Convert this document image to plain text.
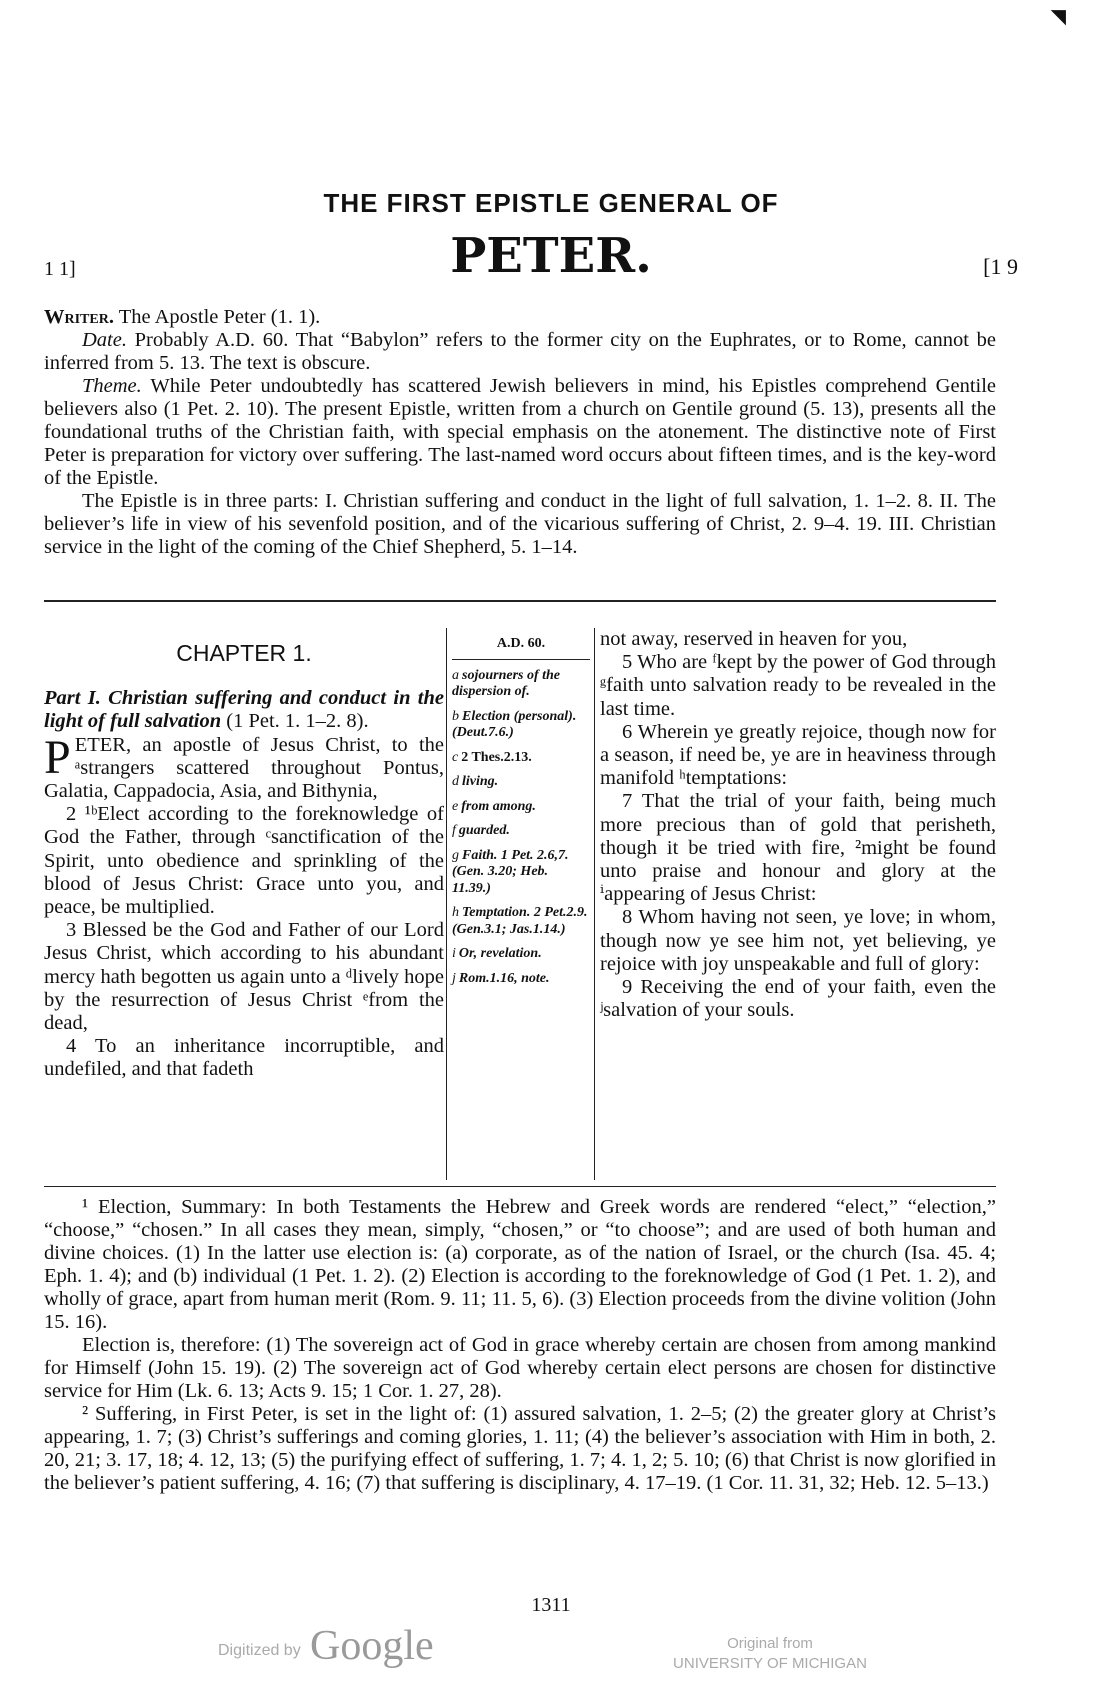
◥
THE FIRST EPISTLE GENERAL OF
1 1]	PETER.	[1 9

Writer. The Apostle Peter (1. 1).

Date. Probably A.D. 60. That “Babylon” refers to the former city on the Euphrates, or to Rome, cannot be inferred from 5. 13. The text is obscure.

Theme. While Peter undoubtedly has scattered Jewish believers in mind, his Epistles comprehend Gentile believers also (1 Pet. 2. 10). The present Epistle, written from a church on Gentile ground (5. 13), presents all the foundational truths of the Christian faith, with special emphasis on the atonement. The distinctive note of First Peter is preparation for victory over suffering. The last-named word occurs about fifteen times, and is the key-word of the Epistle.

The Epistle is in three parts: I. Christian suffering and conduct in the light of full salvation, 1. 1–2. 8. II. The believer’s life in view of his sevenfold position, and of the vicarious suffering of Christ, 2. 9–4. 19. III. Christian service in the light of the coming of the Chief Shepherd, 5. 1–14.

CHAPTER 1.

Part I. Christian suffering and conduct in the light of full salvation (1 Pet. 1. 1–2. 8).

PETER, an apostle of Jesus Christ, to the ᵃstrangers scattered throughout Pontus, Galatia, Cappadocia, Asia, and Bithynia,

2 ¹ᵇElect according to the foreknowledge of God the Father, through ᶜsanctification of the Spirit, unto obedience and sprinkling of the blood of Jesus Christ: Grace unto you, and peace, be multiplied.

3 Blessed be the God and Father of our Lord Jesus Christ, which according to his abundant mercy hath begotten us again unto a ᵈlively hope by the resurrection of Jesus Christ ᵉfrom the dead,

4 To an inheritance incorruptible, and undefiled, and that fadeth

A.D. 60.
a sojourners of the dispersion of.
b Election (personal). (Deut.7.6.)
c 2 Thes.2.13.
d living.
e from among.
f guarded.
g Faith. 1 Pet. 2.6,7. (Gen. 3.20; Heb. 11.39.)
h Temptation. 2 Pet.2.9. (Gen.3.1; Jas.1.14.)
i Or, revelation.
j Rom.1.16, note.

not away, reserved in heaven for you,

5 Who are ᶠkept by the power of God through ᵍfaith unto salvation ready to be revealed in the last time.

6 Wherein ye greatly rejoice, though now for a season, if need be, ye are in heaviness through manifold ʰtemptations:

7 That the trial of your faith, being much more precious than of gold that perisheth, though it be tried with fire, ²might be found unto praise and honour and glory at the ⁱappearing of Jesus Christ:

8 Whom having not seen, ye love; in whom, though now ye see him not, yet believing, ye rejoice with joy unspeakable and full of glory:

9 Receiving the end of your faith, even the ʲsalvation of your souls.

¹ Election, Summary: In both Testaments the Hebrew and Greek words are rendered “elect,” “election,” “choose,” “chosen.” In all cases they mean, simply, “chosen,” or “to choose”; and are used of both human and divine choices. (1) In the latter use election is: (a) corporate, as of the nation of Israel, or the church (Isa. 45. 4; Eph. 1. 4); and (b) individual (1 Pet. 1. 2). (2) Election is according to the foreknowledge of God (1 Pet. 1. 2), and wholly of grace, apart from human merit (Rom. 9. 11; 11. 5, 6). (3) Election proceeds from the divine volition (John 15. 16).

Election is, therefore: (1) The sovereign act of God in grace whereby certain are chosen from among mankind for Himself (John 15. 19). (2) The sovereign act of God whereby certain elect persons are chosen for distinctive service for Him (Lk. 6. 13; Acts 9. 15; 1 Cor. 1. 27, 28).

² Suffering, in First Peter, is set in the light of: (1) assured salvation, 1. 2–5; (2) the greater glory at Christ’s appearing, 1. 7; (3) Christ’s sufferings and coming glories, 1. 11; (4) the believer’s association with Him in both, 2. 20, 21; 3. 17, 18; 4. 12, 13; (5) the purifying effect of suffering, 1. 7; 4. 1, 2; 5. 10; (6) that Christ is now glorified in the believer’s patient suffering, 4. 16; (7) that suffering is disciplinary, 4. 17–19. (1 Cor. 11. 31, 32; Heb. 12. 5–13.)

1311
Digitized by Google	Original from
UNIVERSITY OF MICHIGAN
